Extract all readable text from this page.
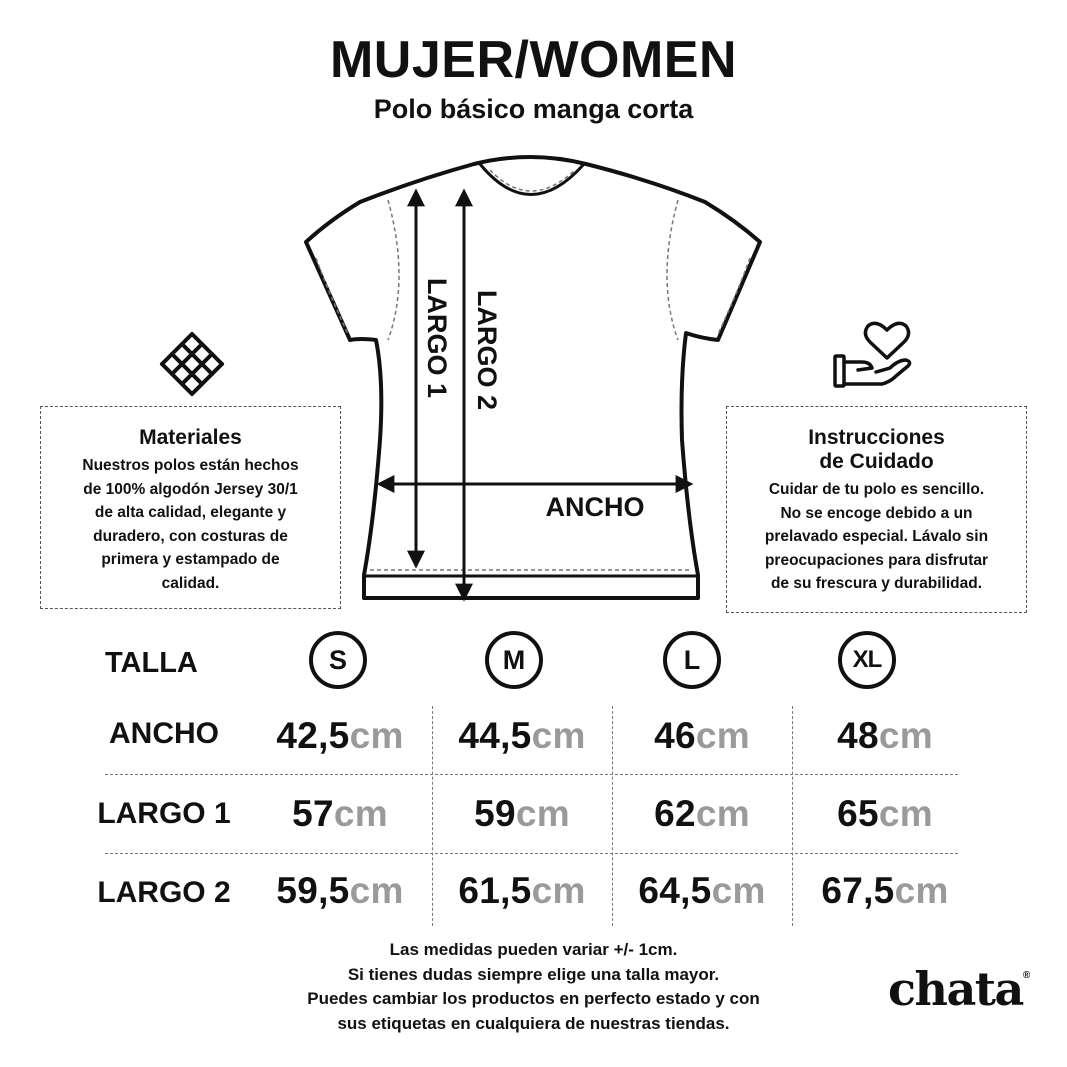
MUJER/WOMEN
Polo básico manga corta
LARGO 1 LARGO 2
ANCHO
Materiales

Nuestros polos están hechos
de 100% algodón Jersey 30/1
de alta calidad, elegante y
duradero, con costuras de
primera y estampado de
calidad.

Instrucciones
de Cuidado

Cuidar de tu polo es sencillo.
No se encoge debido a un
prelavado especial. Lávalo sin
preocupaciones para disfrutar
de su frescura y durabilidad.

TALLA	S	M	L	XL
ANCHO	42,5cm	44,5cm	46cm	48cm
LARGO 1	57cm	59cm	62cm	65cm
LARGO 2	59,5cm	61,5cm	64,5cm	67,5cm
Las medidas pueden variar +/- 1cm.
Si tienes dudas siempre elige una talla mayor.
Puedes cambiar los productos en perfecto estado y con
sus etiquetas en cualquiera de nuestras tiendas.
chata®
